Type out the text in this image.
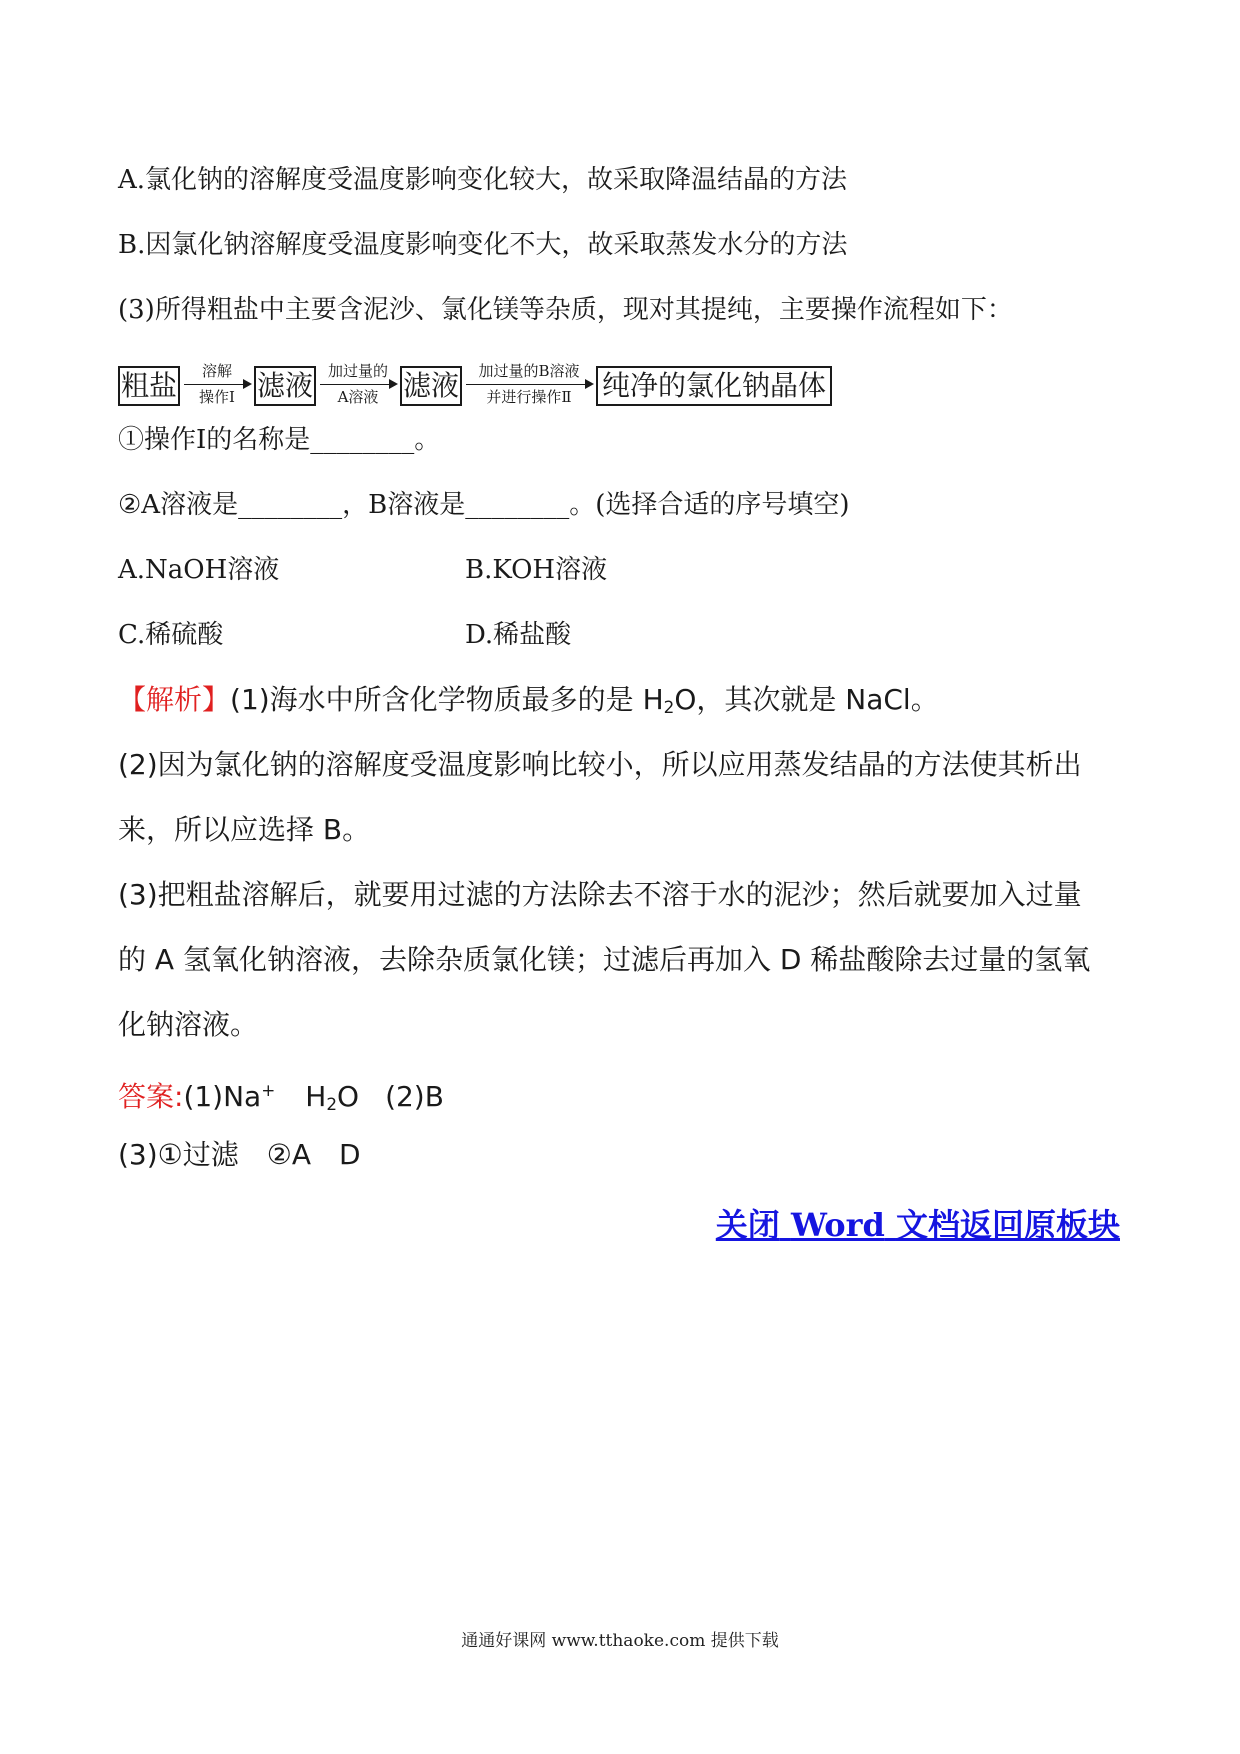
A.氯化钠的溶解度受温度影响变化较大，故采取降温结晶的方法
B.因氯化钠溶解度受温度影响变化不大，故采取蒸发水分的方法
(3)所得粗盐中主要含泥沙、氯化镁等杂质，现对其提纯，主要操作流程如下：
粗盐	溶解
操作Ⅰ 滤液 加过量的
A溶液 滤液	加过量的B溶液
并进行操作Ⅱ	纯净的氯化钠晶体
①操作Ⅰ的名称是________。
②A溶液是________，B溶液是________。(选择合适的序号填空)
A.NaOH溶液	B.KOH溶液
C.稀硫酸	D.稀盐酸
【解析】(1)海水中所含化学物质最多的是 $H_2O$，其次就是 NaCl。
(2)因为氯化钠的溶解度受温度影响比较小，所以应用蒸发结晶的方法使其析出
来，所以应选择 B。
(3)把粗盐溶解后，就要用过滤的方法除去不溶于水的泥沙；然后就要加入过量
的 A 氢氧化钠溶液，去除杂质氯化镁；过滤后再加入 D 稀盐酸除去过量的氢氧
化钠溶液。
答案:(1)Na+ $H_2O$ (2)B
(3)①过滤　②A　D
关闭 Word 文档返回原板块
通通好课网 www.tthaoke.com 提供下载
